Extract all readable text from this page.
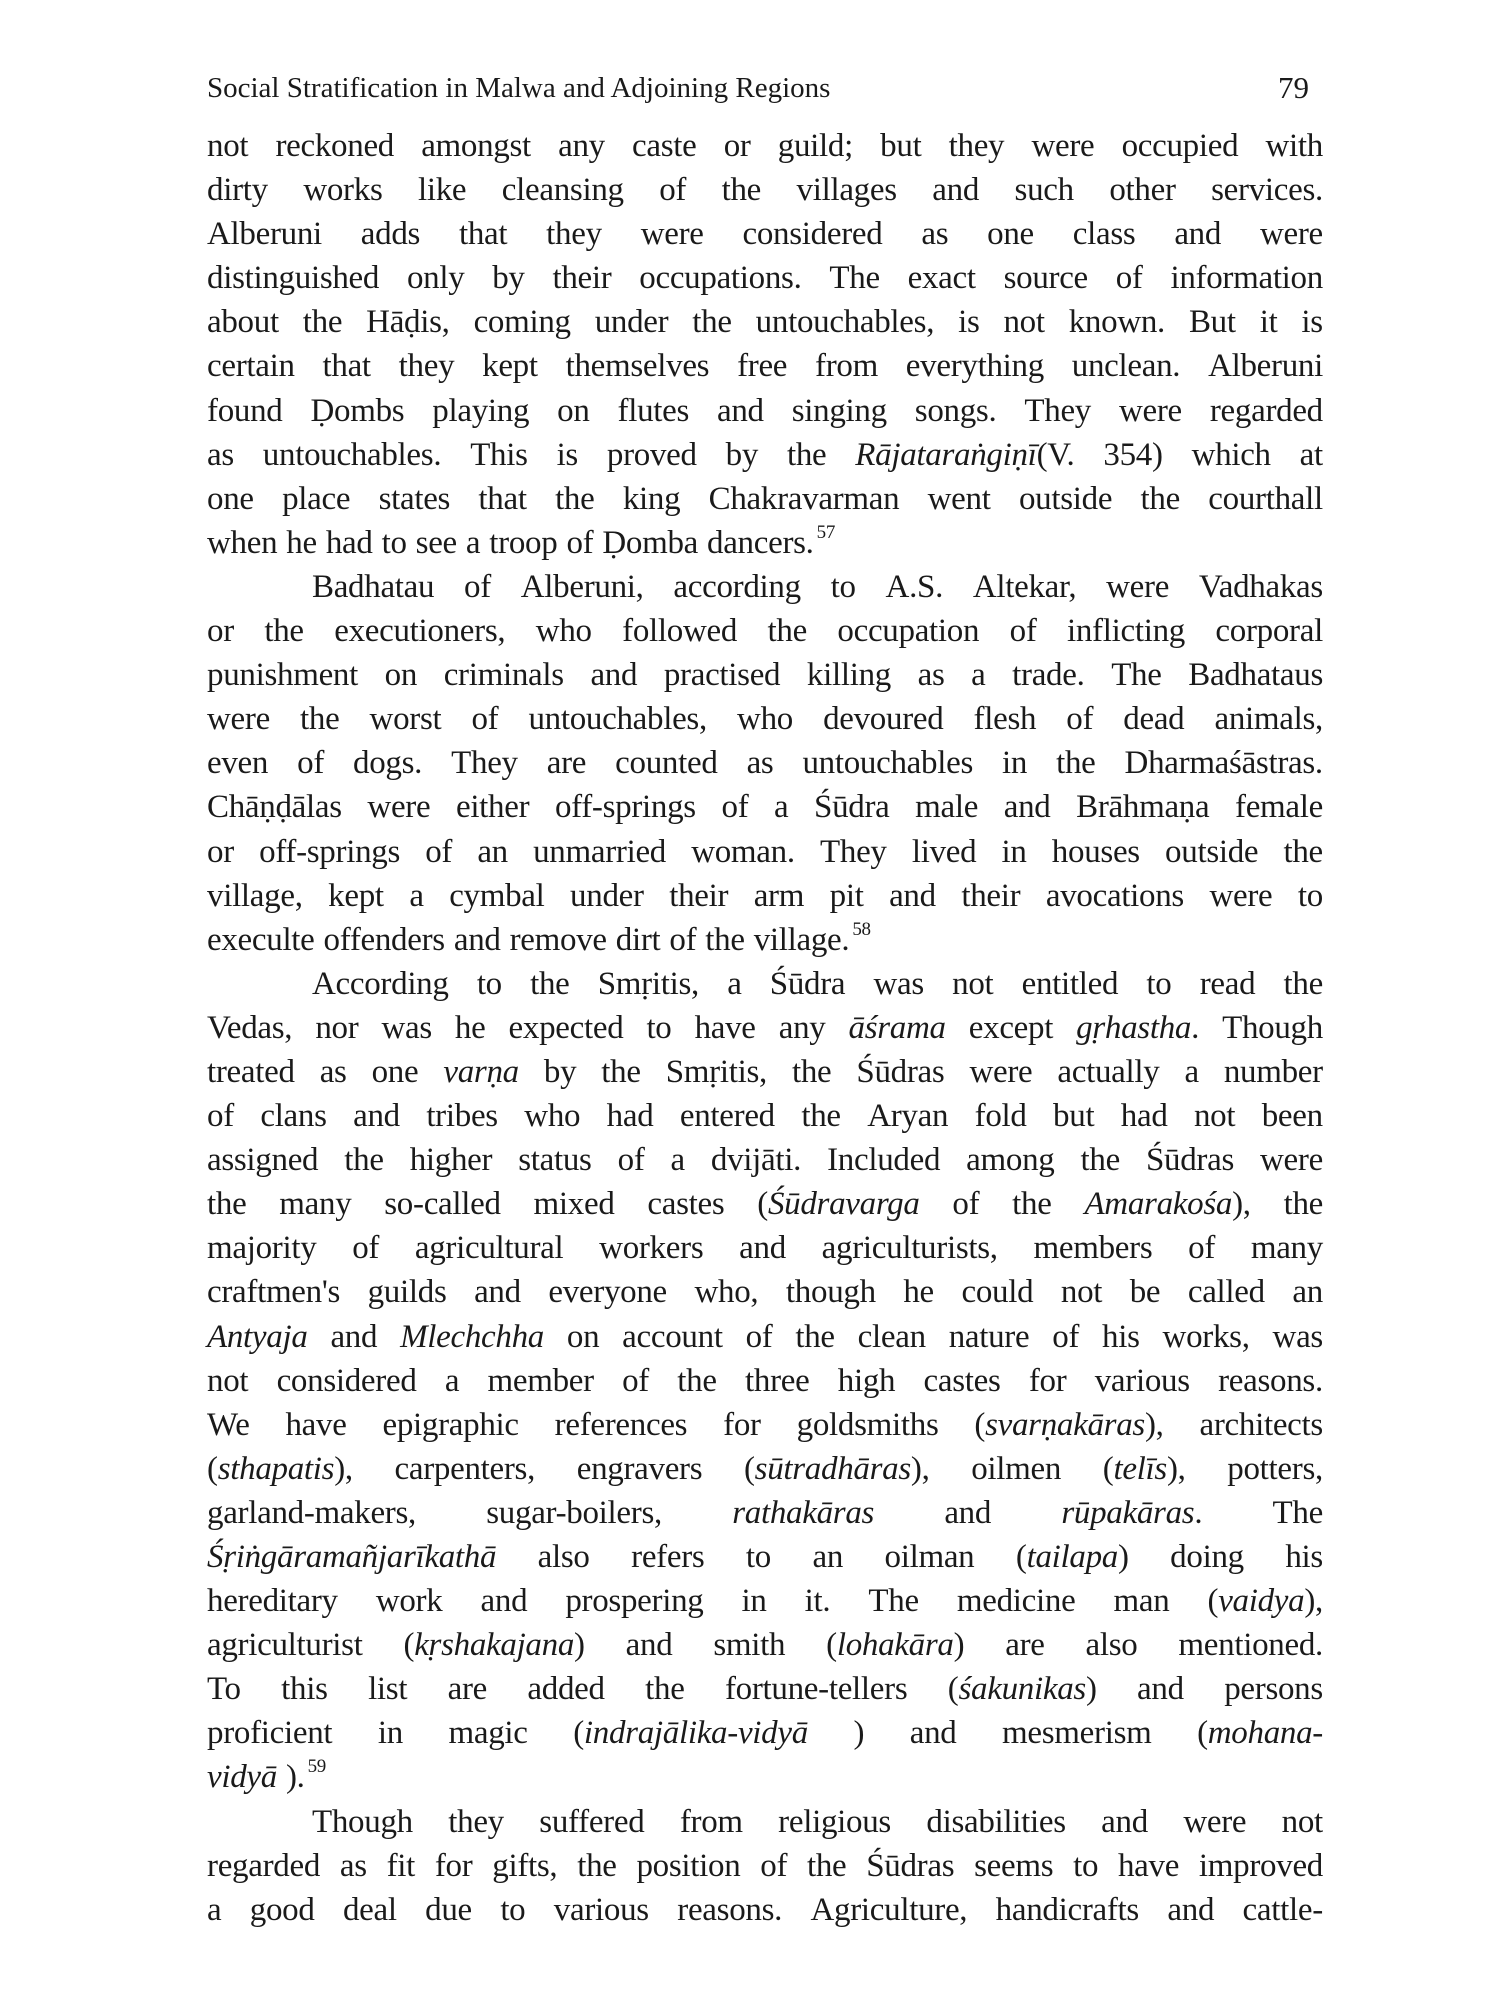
Social Stratification in Malwa and Adjoining Regions	79
not reckoned amongst any caste or guild; but they were occupied with
dirty works like cleansing of the villages and such other services.
Alberuni adds that they were considered as one class and were
distinguished only by their occupations. The exact source of information
about the Hāḍis, coming under the untouchables, is not known. But it is
certain that they kept themselves free from everything unclean. Alberuni
found Ḍombs playing on flutes and singing songs. They were regarded
as untouchables. This is proved by the Rājataraṅgiṇī(V. 354) which at
one place states that the king Chakravarman went outside the courthall
when he had to see a troop of Ḍomba dancers. $^{57}$
Badhatau of Alberuni, according to A.S. Altekar, were Vadhakas
or the executioners, who followed the occupation of inflicting corporal
punishment on criminals and practised killing as a trade. The Badhataus
were the worst of untouchables, who devoured flesh of dead animals,
even of dogs. They are counted as untouchables in the Dharmaśāstras.
Chāṇḍālas were either off-springs of a Śūdra male and Brāhmaṇa female
or off-springs of an unmarried woman. They lived in houses outside the
village, kept a cymbal under their arm pit and their avocations were to
execulte offenders and remove dirt of the village. $^{58}$
According to the Smṛitis, a Śūdra was not entitled to read the
Vedas, nor was he expected to have any āśrama except gṛhastha. Though
treated as one varṇa by the Smṛitis, the Śūdras were actually a number
of clans and tribes who had entered the Aryan fold but had not been
assigned the higher status of a dvijāti. Included among the Śūdras were
the many so-called mixed castes (Śūdravarga of the Amarakośa), the
majority of agricultural workers and agriculturists, members of many
craftmen's guilds and everyone who, though he could not be called an
Antyaja and Mlechchha on account of the clean nature of his works, was
not considered a member of the three high castes for various reasons.
We have epigraphic references for goldsmiths (svarṇakāras), architects
(sthapatis), carpenters, engravers (sūtradhāras), oilmen (telīs), potters,
garland-makers, sugar-boilers, rathakāras and rūpakāras. The
Śṛiṅgāramañjarīkathā also refers to an oilman (tailapa) doing his
hereditary work and prospering in it. The medicine man (vaidya),
agriculturist (kṛshakajana) and smith (lohakāra) are also mentioned.
To this list are added the fortune-tellers (śakunikas) and persons
proficient in magic (indrajālika-vidyā ) and mesmerism (mohana-
vidyā ). $^{59}$
Though they suffered from religious disabilities and were not
regarded as fit for gifts, the position of the Śūdras seems to have improved
a good deal due to various reasons. Agriculture, handicrafts and cattle-
